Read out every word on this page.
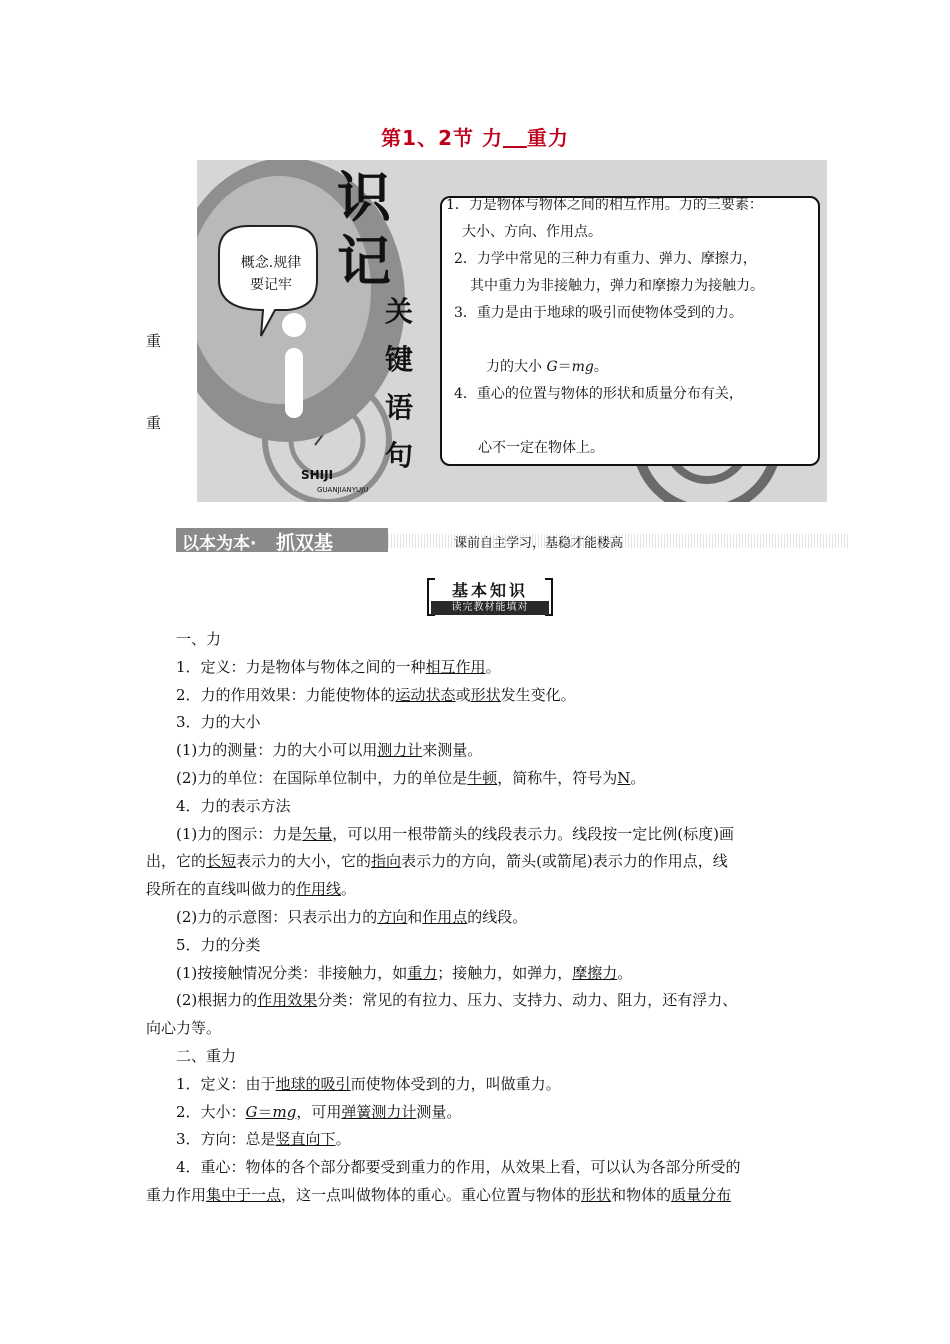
第1、2节 力 重力
重
重
概念.规律
要记牢
识
记
关
键
语
句
SHIJI
GUANJIANYUJU
1．力是物体与物体之间的相互作用。力的三要素：
大小、方向、作用点。
2．力学中常见的三种力有重力、弹力、摩擦力，
其中重力为非接触力，弹力和摩擦力为接触力。
3．重力是由于地球的吸引而使物体受到的力。
力的大小 G＝mg。
4．重心的位置与物体的形状和质量分布有关，
心不一定在物体上。
以本为本· 抓双基	课前自主学习，基稳才能楼高
基本知识
读完教材能填对

一、力

1．定义：力是物体与物体之间的一种相互作用。

2．力的作用效果：力能使物体的运动状态或形状发生变化。

3．力的大小

(1)力的测量：力的大小可以用测力计来测量。

(2)力的单位：在国际单位制中，力的单位是牛顿，简称牛，符号为N。

4．力的表示方法

(1)力的图示：力是矢量，可以用一根带箭头的线段表示力。线段按一定比例(标度)画

出，它的长短表示力的大小，它的指向表示力的方向，箭头(或箭尾)表示力的作用点，线

段所在的直线叫做力的作用线。

(2)力的示意图：只表示出力的方向和作用点的线段。

5．力的分类

(1)按接触情况分类：非接触力，如重力；接触力，如弹力，摩擦力。

(2)根据力的作用效果分类：常见的有拉力、压力、支持力、动力、阻力，还有浮力、

向心力等。

二、重力

1．定义：由于地球的吸引而使物体受到的力，叫做重力。

2．大小：G＝mg，可用弹簧测力计测量。

3．方向：总是竖直向下。

4．重心：物体的各个部分都要受到重力的作用，从效果上看，可以认为各部分所受的

重力作用集中于一点，这一点叫做物体的重心。重心位置与物体的形状和物体的质量分布
